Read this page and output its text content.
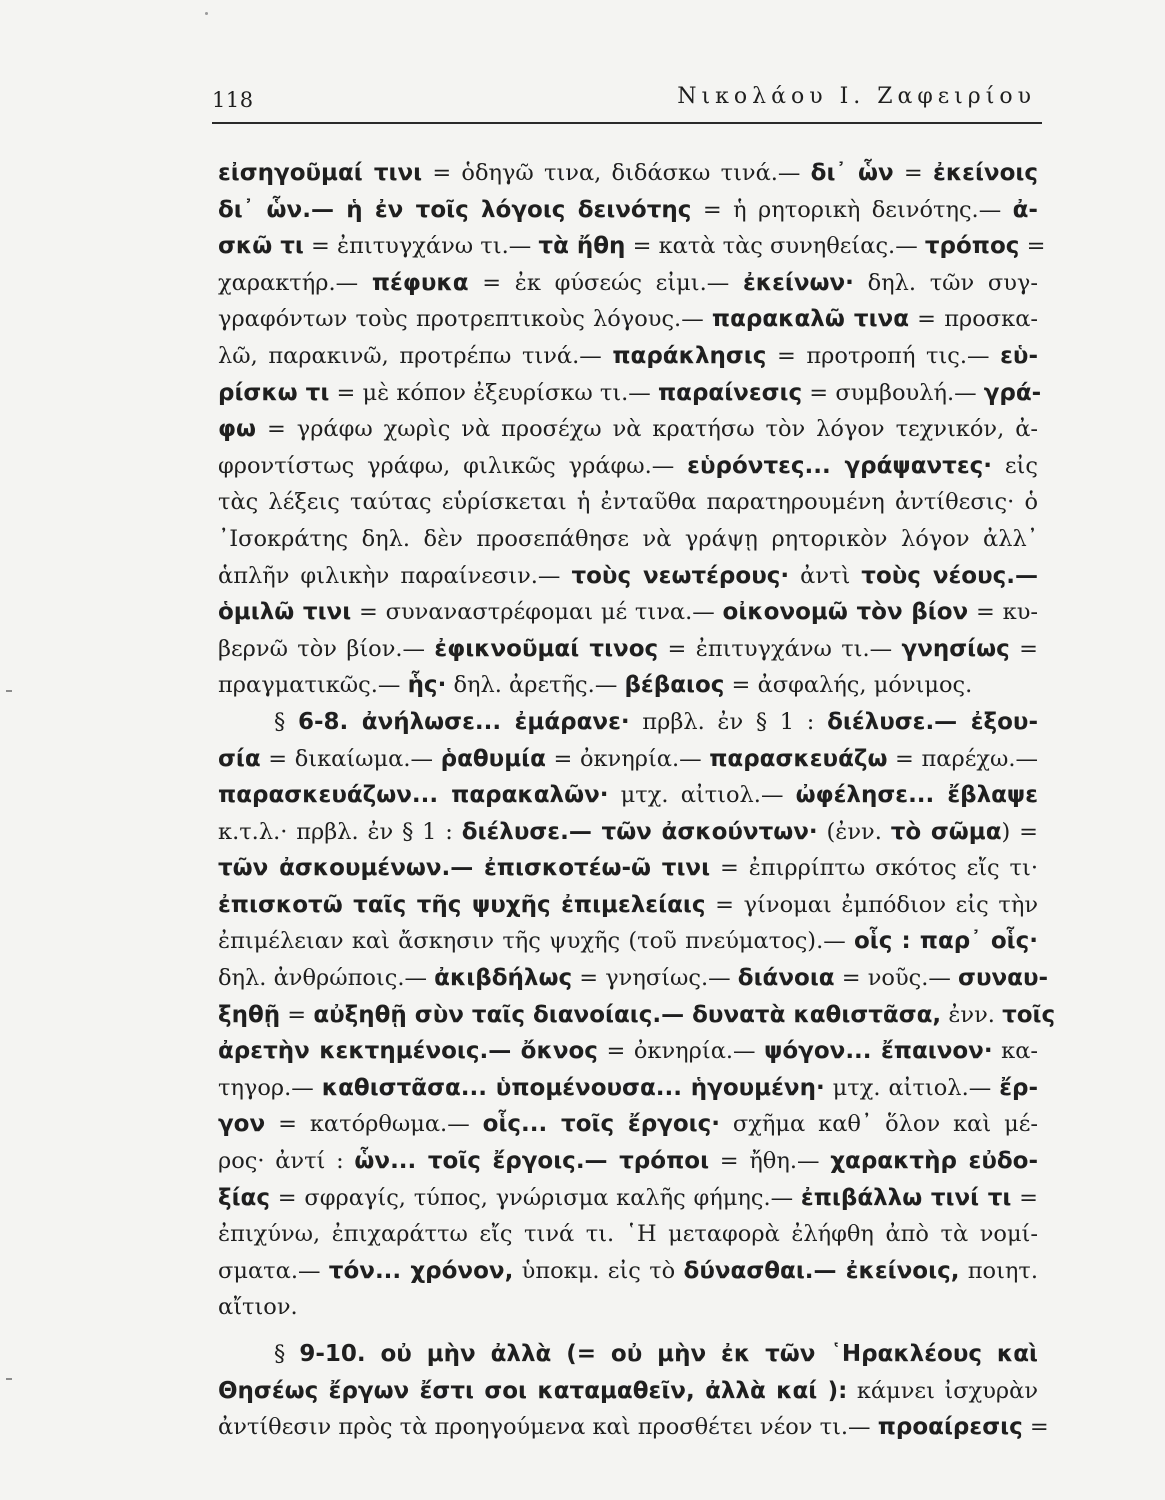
118	Νικολάου Ι. Ζαφειρίου
εἰσηγοῦμαί τινι = ὁδηγῶ τινα, διδάσκω τινά.— δι᾽ ὧν = ἐκείνοις
δι᾽ ὧν.— ἡ ἐν τοῖς λόγοις δεινότης = ἡ ρητορικὴ δεινότης.— ἀ-
σκῶ τι = ἐπιτυγχάνω τι.— τὰ ἤθη = κατὰ τὰς συνηθείας.— τρόπος =
χαρακτήρ.— πέφυκα = ἐκ φύσεώς εἰμι.— ἐκείνων· δηλ. τῶν συγ-
γραφόντων τοὺς προτρεπτικοὺς λόγους.— παρακαλῶ τινα = προσκα-
λῶ, παρακινῶ, προτρέπω τινά.— παράκλησις = προτροπή τις.— εὑ-
ρίσκω τι = μὲ κόπον ἐξευρίσκω τι.— παραίνεσις = συμβουλή.— γρά-
φω = γράφω χωρὶς νὰ προσέχω νὰ κρατήσω τὸν λόγον τεχνικόν, ἀ-
φροντίστως γράφω, φιλικῶς γράφω.— εὑρόντες... γράψαντες· εἰς
τὰς λέξεις ταύτας εὑρίσκεται ἡ ἐνταῦθα παρατηρουμένη ἀντίθεσις· ὁ
᾿Ισοκράτης δηλ. δὲν προσεπάθησε νὰ γράψῃ ρητορικὸν λόγον ἀλλ᾽
ἁπλῆν φιλικὴν παραίνεσιν.— τοὺς νεωτέρους· ἀντὶ τοὺς νέους.—
ὁμιλῶ τινι = συναναστρέφομαι μέ τινα.— οἰκονομῶ τὸν βίον = κυ-
βερνῶ τὸν βίον.— ἐφικνοῦμαί τινος = ἐπιτυγχάνω τι.— γνησίως =
πραγματικῶς.— ἧς· δηλ. ἀρετῆς.— βέβαιος = ἀσφαλής, μόνιμος.
§ 6-8. ἀνήλωσε... ἐμάρανε· πρβλ. ἐν § 1 : διέλυσε.— ἐξου-
σία = δικαίωμα.— ῥαθυμία = ὀκνηρία.— παρασκευάζω = παρέχω.—
παρασκευάζων... παρακαλῶν· μτχ. αἰτιολ.— ὠφέλησε... ἔβλαψε
κ.τ.λ.· πρβλ. ἐν § 1 : διέλυσε.— τῶν ἀσκούντων· (ἐνν. τὸ σῶμα) =
τῶν ἀσκουμένων.— ἐπισκοτέω-ῶ τινι = ἐπιρρίπτω σκότος εἴς τι·
ἐπισκοτῶ ταῖς τῆς ψυχῆς ἐπιμελείαις = γίνομαι ἐμπόδιον εἰς τὴν
ἐπιμέλειαν καὶ ἄσκησιν τῆς ψυχῆς (τοῦ πνεύματος).— οἷς : παρ᾽ οἷς·
δηλ. ἀνθρώποις.— ἀκιβδήλως = γνησίως.— διάνοια = νοῦς.— συναυ-
ξηθῇ = αὐξηθῇ σὺν ταῖς διανοίαις.— δυνατὰ καθιστᾶσα, ἐνν. τοῖς
ἀρετὴν κεκτημένοις.— ὄκνος = ὀκνηρία.— ψόγον... ἔπαινον· κα-
τηγορ.— καθιστᾶσα... ὑπομένουσα... ἡγουμένη· μτχ. αἰτιολ.— ἔρ-
γον = κατόρθωμα.— οἷς... τοῖς ἔργοις· σχῆμα καθ᾽ ὅλον καὶ μέ-
ρος· ἀντί : ὧν... τοῖς ἔργοις.— τρόποι = ἤθη.— χαρακτὴρ εὐδο-
ξίας = σφραγίς, τύπος, γνώρισμα καλῆς φήμης.— ἐπιβάλλω τινί τι =
ἐπιχύνω, ἐπιχαράττω εἴς τινά τι. ῾Η μεταφορὰ ἐλήφθη ἀπὸ τὰ νομί-
σματα.— τόν... χρόνον, ὑποκμ. εἰς τὸ δύνασθαι.— ἐκείνοις, ποιητ.
αἴτιον.
§ 9-10. οὐ μὴν ἀλλὰ (= οὐ μὴν ἐκ τῶν ῾Ηρακλέους καὶ
Θησέως ἔργων ἔστι σοι καταμαθεῖν, ἀλλὰ καί ): κάμνει ἰσχυρὰν
ἀντίθεσιν πρὸς τὰ προηγούμενα καὶ προσθέτει νέον τι.— προαίρεσις =
